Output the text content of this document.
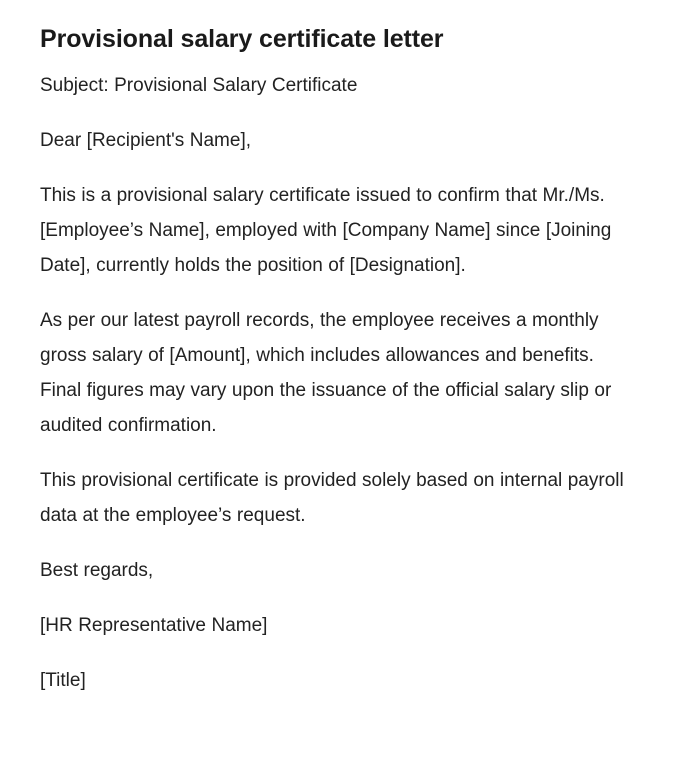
Provisional salary certificate letter

Subject: Provisional Salary Certificate

Dear [Recipient's Name],

This is a provisional salary certificate issued to confirm that Mr./Ms. [Employee’s Name], employed with [Company Name] since [Joining Date], currently holds the position of [Designation].

As per our latest payroll records, the employee receives a monthly gross salary of [Amount], which includes allowances and benefits. Final figures may vary upon the issuance of the official salary slip or audited confirmation.

This provisional certificate is provided solely based on internal payroll data at the employee’s request.

Best regards,

[HR Representative Name]

[Title]
